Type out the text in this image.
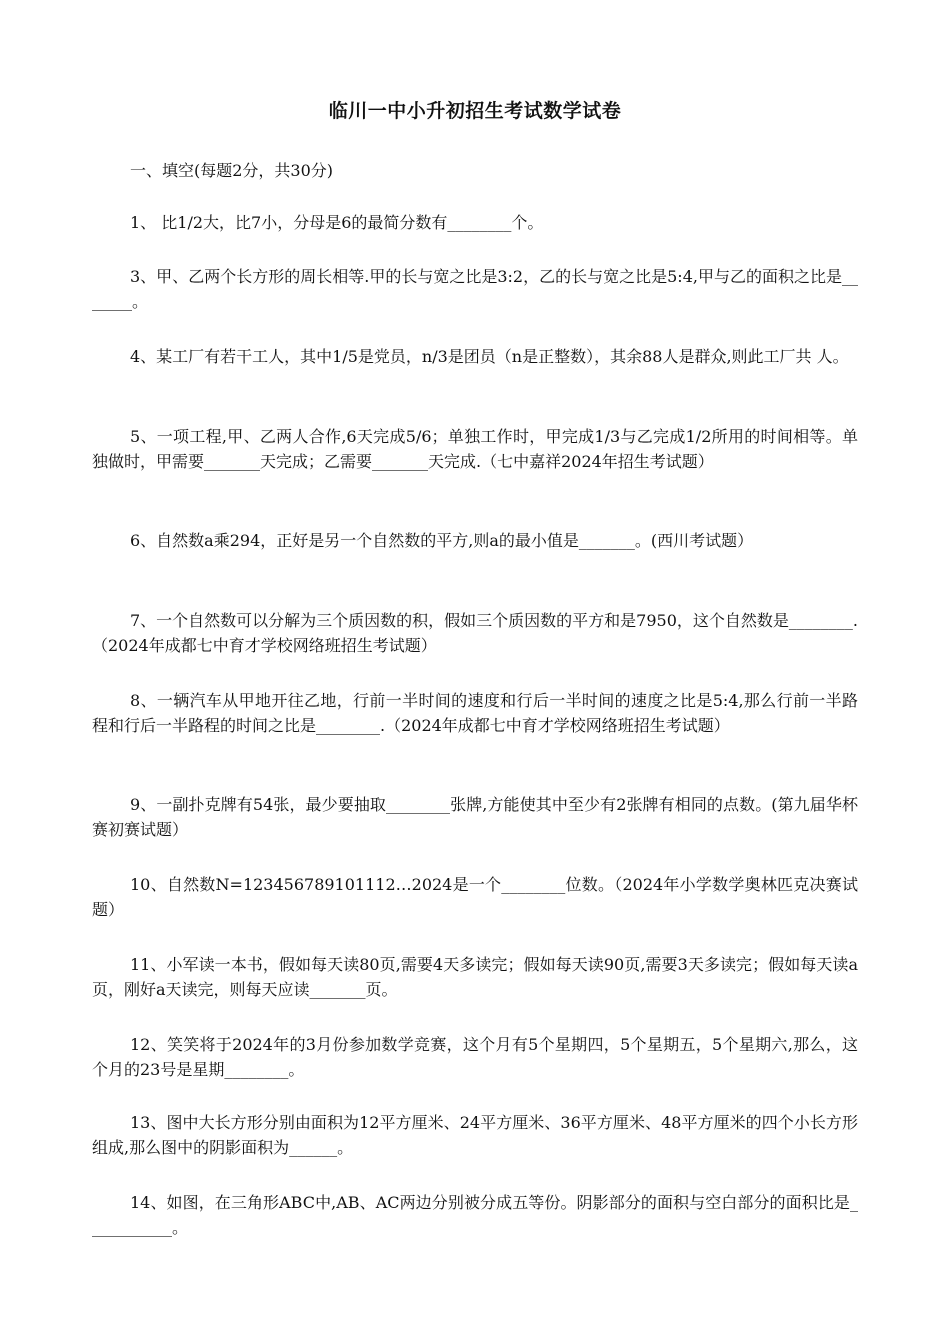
临川一中小升初招生考试数学试卷
一、填空(每题2分，共30分)
1、 比1/2大，比7小，分母是6的最简分数有________个。
3、甲、乙两个长方形的周长相等.甲的长与宽之比是3:2，乙的长与宽之比是5:4,甲与乙的面积之比是_______。
4、某工厂有若干工人，其中1/5是党员，n/3是团员（n是正整数），其余88人是群众,则此工厂共 人。
5、一项工程,甲、乙两人合作,6天完成5/6；单独工作时，甲完成1/3与乙完成1/2所用的时间相等。单独做时，甲需要_______天完成；乙需要_______天完成.（七中嘉祥2024年招生考试题）
6、自然数a乘294，正好是另一个自然数的平方,则a的最小值是_______。(西川考试题）
7、一个自然数可以分解为三个质因数的积，假如三个质因数的平方和是7950，这个自然数是________.（2024年成都七中育才学校网络班招生考试题）
8、一辆汽车从甲地开往乙地，行前一半时间的速度和行后一半时间的速度之比是5:4,那么行前一半路程和行后一半路程的时间之比是________.（2024年成都七中育才学校网络班招生考试题）
9、一副扑克牌有54张，最少要抽取________张牌,方能使其中至少有2张牌有相同的点数。(第九届华杯赛初赛试题）
10、自然数N=123456789101112…2024是一个________位数。（2024年小学数学奥林匹克决赛试题）
11、小军读一本书，假如每天读80页,需要4天多读完；假如每天读90页,需要3天多读完；假如每天读a页，刚好a天读完，则每天应读_______页。
12、笑笑将于2024年的3月份参加数学竞赛，这个月有5个星期四，5个星期五，5个星期六,那么，这个月的23号是星期________。
13、图中大长方形分别由面积为12平方厘米、24平方厘米、36平方厘米、48平方厘米的四个小长方形组成,那么图中的阴影面积为______。
14、如图，在三角形ABC中,AB、AC两边分别被分成五等份。阴影部分的面积与空白部分的面积比是___________。
